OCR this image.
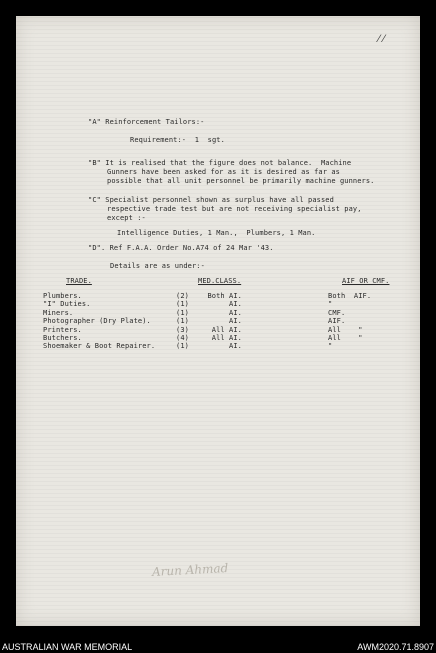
⁄ ⁄
"A" Reinforcement Tailors:-
Requirement:-  1  sgt.
"B" It is realised that the figure does not balance.  Machine
Gunners have been asked for as it is desired as far as
possible that all unit personnel be primarily machine gunners.
"C" Specialist personnel shown as surplus have all passed
respective trade test but are not receiving specialist pay,
except :-
Intelligence Duties, 1 Man.,  Plumbers, 1 Man.
"D". Ref F.A.A. Order No.A74 of 24 Mar '43.
Details are as under:-
TRADE.	MED.CLASS.	AIF OR CMF.
Plumbers.	(2)	Both AI.	Both  AIF.
"I" Duties.	(1)	AI.	"
Miners.	(1)	AI.	CMF.
Photographer (Dry Plate).	(1)	AI.	AIF.
Printers.	(3)	All AI.	All    "
Butchers.	(4)	All AI.	All    "
Shoemaker & Boot Repairer.	(1)	AI.	"
Arun Ahmad
AUSTRALIAN WAR MEMORIAL	AWM2020.71.8907
